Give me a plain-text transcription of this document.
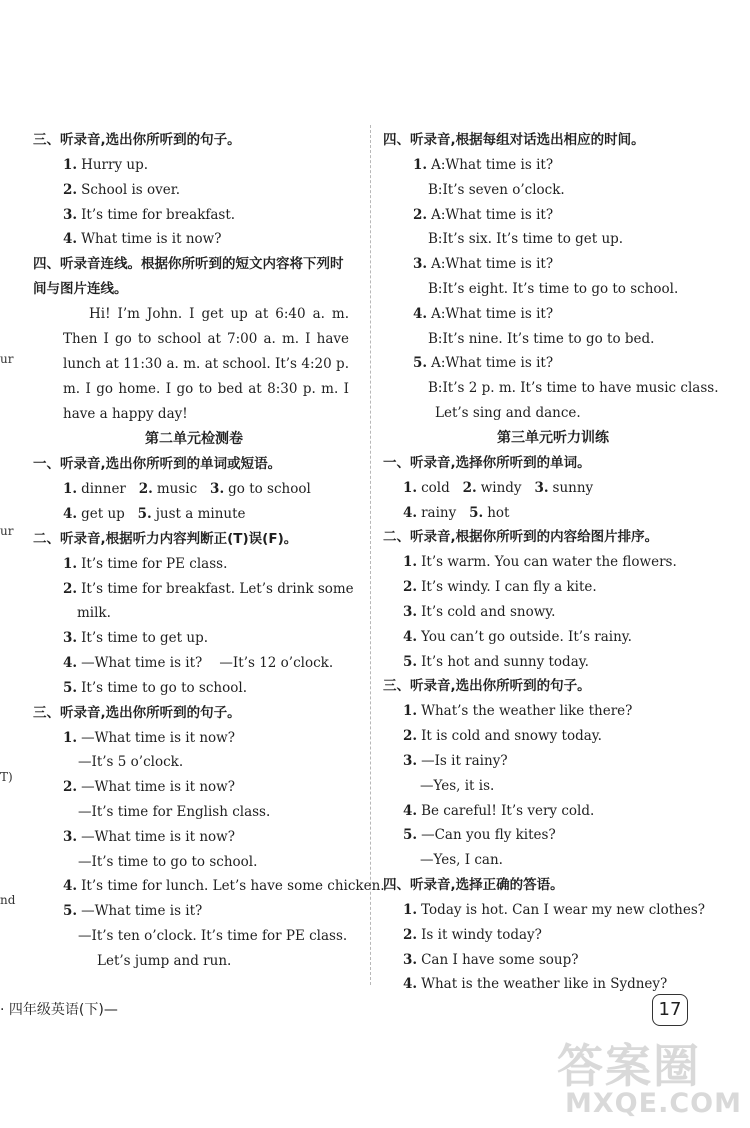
ur
ur
T)
nd
三、听录音,选出你所听到的句子。
1. Hurry up.
2. School is over.
3. It’s time for breakfast.
4. What time is it now?
四、听录音连线。根据你所听到的短文内容将下列时间与图片连线。
Hi! I’m John. I get up at 6:40 a. m. Then I go to school at 7:00 a. m. I have lunch at 11:30 a. m. at school. It’s 4:20 p. m. I go home. I go to bed at 8:30 p. m. I have a happy day!
第二单元检测卷
一、听录音,选出你所听到的单词或短语。
1. dinner 2. music 3. go to school
4. get up 5. just a minute
二、听录音,根据听力内容判断正(T)误(F)。
1. It’s time for PE class.
2. It’s time for breakfast. Let’s drink some
milk.
3. It’s time to get up.
4. —What time is it?    —It’s 12 o’clock.
5. It’s time to go to school.
三、听录音,选出你所听到的句子。
1. —What time is it now?
—It’s 5 o’clock.
2. —What time is it now?
—It’s time for English class.
3. —What time is it now?
—It’s time to go to school.
4. It’s time for lunch. Let’s have some chicken.
5. —What time is it?
—It’s ten o’clock. It’s time for PE class.
Let’s jump and run.
四、听录音,根据每组对话选出相应的时间。
1. A:What time is it?
B:It’s seven o’clock.
2. A:What time is it?
B:It’s six. It’s time to get up.
3. A:What time is it?
B:It’s eight. It’s time to go to school.
4. A:What time is it?
B:It’s nine. It’s time to go to bed.
5. A:What time is it?
B:It’s 2 p. m. It’s time to have music class.
Let’s sing and dance.
第三单元听力训练
一、听录音,选择你所听到的单词。
1. cold 2. windy 3. sunny
4. rainy 5. hot
二、听录音,根据你所听到的内容给图片排序。
1. It’s warm. You can water the flowers.
2. It’s windy. I can fly a kite.
3. It’s cold and snowy.
4. You can’t go outside. It’s rainy.
5. It’s hot and sunny today.
三、听录音,选出你所听到的句子。
1. What’s the weather like there?
2. It is cold and snowy today.
3. —Is it rainy?
—Yes, it is.
4. Be careful! It’s very cold.
5. —Can you fly kites?
—Yes, I can.
四、听录音,选择正确的答语。
1. Today is hot. Can I wear my new clothes?
2. Is it windy today?
3. Can I have some soup?
4. What is the weather like in Sydney?
· 四年级英语(下)—	17
答案圈
MXQE.COM
